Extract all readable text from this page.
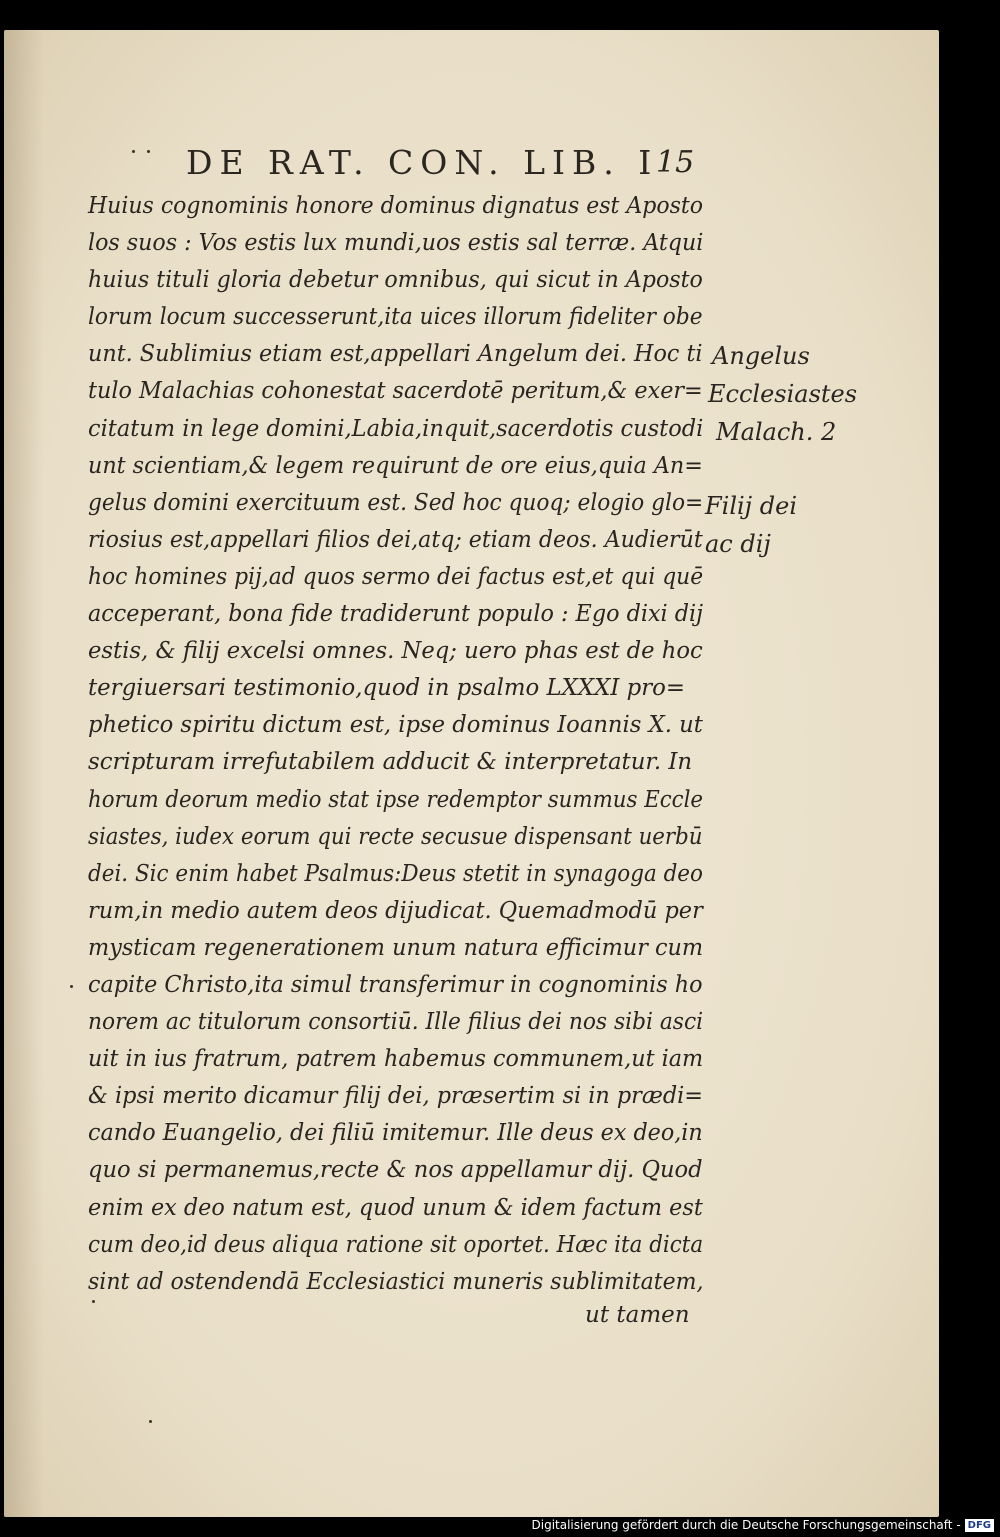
DE RAT. CON. LIB. I
15
Huius cognominis honore dominus dignatus est Aposto
los suos : Vos estis lux mundi,uos estis sal terræ. Atqui
huius tituli gloria debetur omnibus, qui sicut in Aposto
lorum locum successerunt,ita uices illorum fideliter obe
unt. Sublimius etiam est,appellari Angelum dei. Hoc ti
tulo Malachias cohonestat sacerdotē peritum,& exer=
citatum in lege domini,Labia,inquit,sacerdotis custodi
unt scientiam,& legem requirunt de ore eius,quia An=
gelus domini exercituum est. Sed hoc quoq; elogio glo=
riosius est,appellari filios dei,atq; etiam deos. Audierūt
hoc homines pij,ad quos sermo dei factus est,et qui quē
acceperant, bona fide tradiderunt populo : Ego dixi dij
estis, & filij excelsi omnes. Neq; uero phas est de hoc
tergiuersari testimonio,quod in psalmo LXXXI pro=
phetico spiritu dictum est, ipse dominus Ioannis X. ut
scripturam irrefutabilem adducit & interpretatur. In
horum deorum medio stat ipse redemptor summus Eccle
siastes, iudex eorum qui recte secusue dispensant uerbū
dei. Sic enim habet Psalmus:Deus stetit in synagoga deo
rum,in medio autem deos dijudicat. Quemadmodū per
mysticam regenerationem unum natura efficimur cum
capite Christo,ita simul transferimur in cognominis ho
norem ac titulorum consortiū. Ille filius dei nos sibi asci
uit in ius fratrum, patrem habemus communem,ut iam
& ipsi merito dicamur filij dei, præsertim si in prædi=
cando Euangelio, dei filiū imitemur. Ille deus ex deo,in
quo si permanemus,recte & nos appellamur dij. Quod
enim ex deo natum est, quod unum & idem factum est
cum deo,id deus aliqua ratione sit oportet. Hæc ita dicta
sint ad ostendendā Ecclesiastici muneris sublimitatem,
ut tamen
Angelus
Ecclesiastes
Malach. 2
Filij dei
ac dij
Digitalisierung gefördert durch die Deutsche Forschungsgemeinschaft - DFG
